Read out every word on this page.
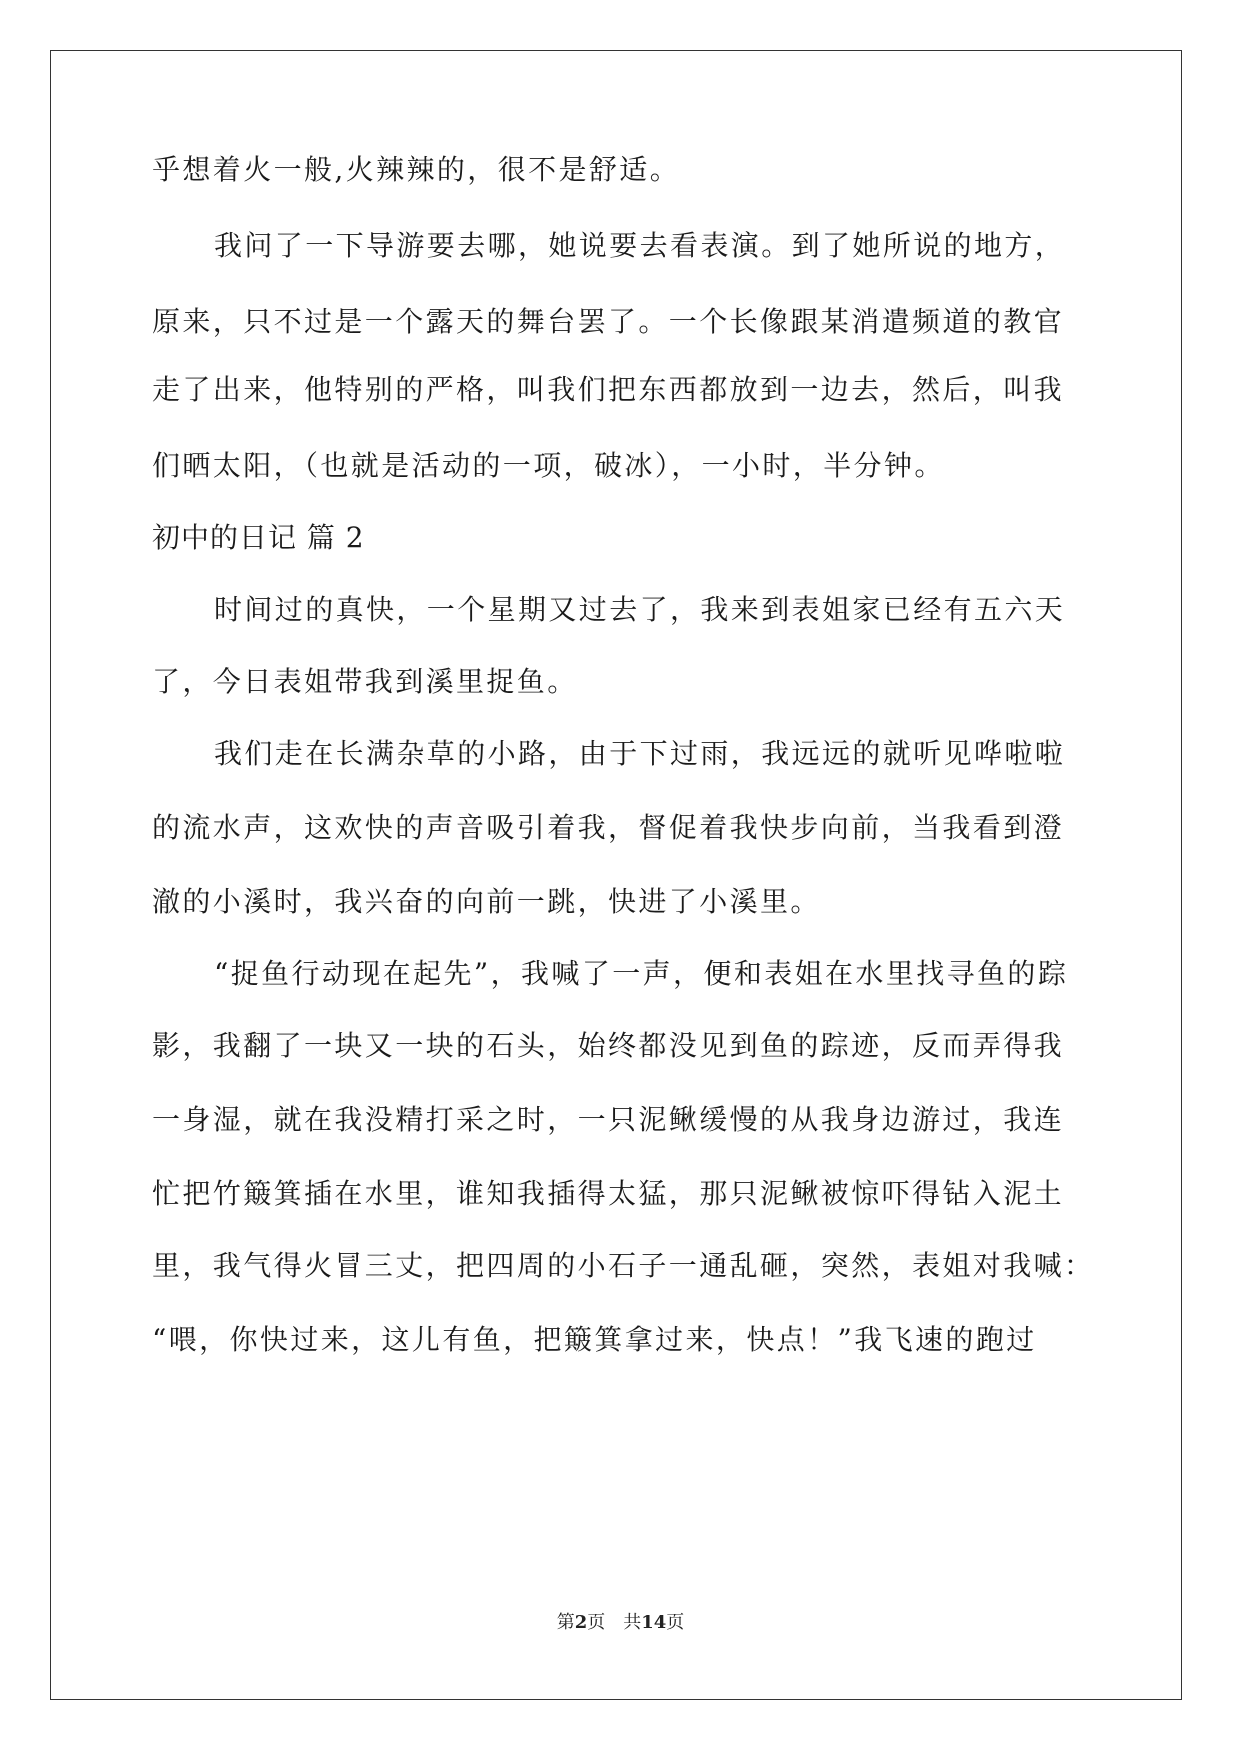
乎想着火一般,火辣辣的，很不是舒适。
我问了一下导游要去哪，她说要去看表演。到了她所说的地方，
原来，只不过是一个露天的舞台罢了。一个长像跟某消遣频道的教官
走了出来，他特别的严格，叫我们把东西都放到一边去，然后，叫我
们晒太阳，（也就是活动的一项，破冰），一小时，半分钟。
初中的日记 篇 2
时间过的真快，一个星期又过去了，我来到表姐家已经有五六天
了，今日表姐带我到溪里捉鱼。
我们走在长满杂草的小路，由于下过雨，我远远的就听见哗啦啦
的流水声，这欢快的声音吸引着我，督促着我快步向前，当我看到澄
澈的小溪时，我兴奋的向前一跳，快进了小溪里。
“捉鱼行动现在起先”，我喊了一声，便和表姐在水里找寻鱼的踪
影，我翻了一块又一块的石头，始终都没见到鱼的踪迹，反而弄得我
一身湿，就在我没精打采之时，一只泥鳅缓慢的从我身边游过，我连
忙把竹簸箕插在水里，谁知我插得太猛，那只泥鳅被惊吓得钻入泥土
里，我气得火冒三丈，把四周的小石子一通乱砸，突然，表姐对我喊：
“喂，你快过来，这儿有鱼，把簸箕拿过来，快点！”我飞速的跑过
第2页 共14页
